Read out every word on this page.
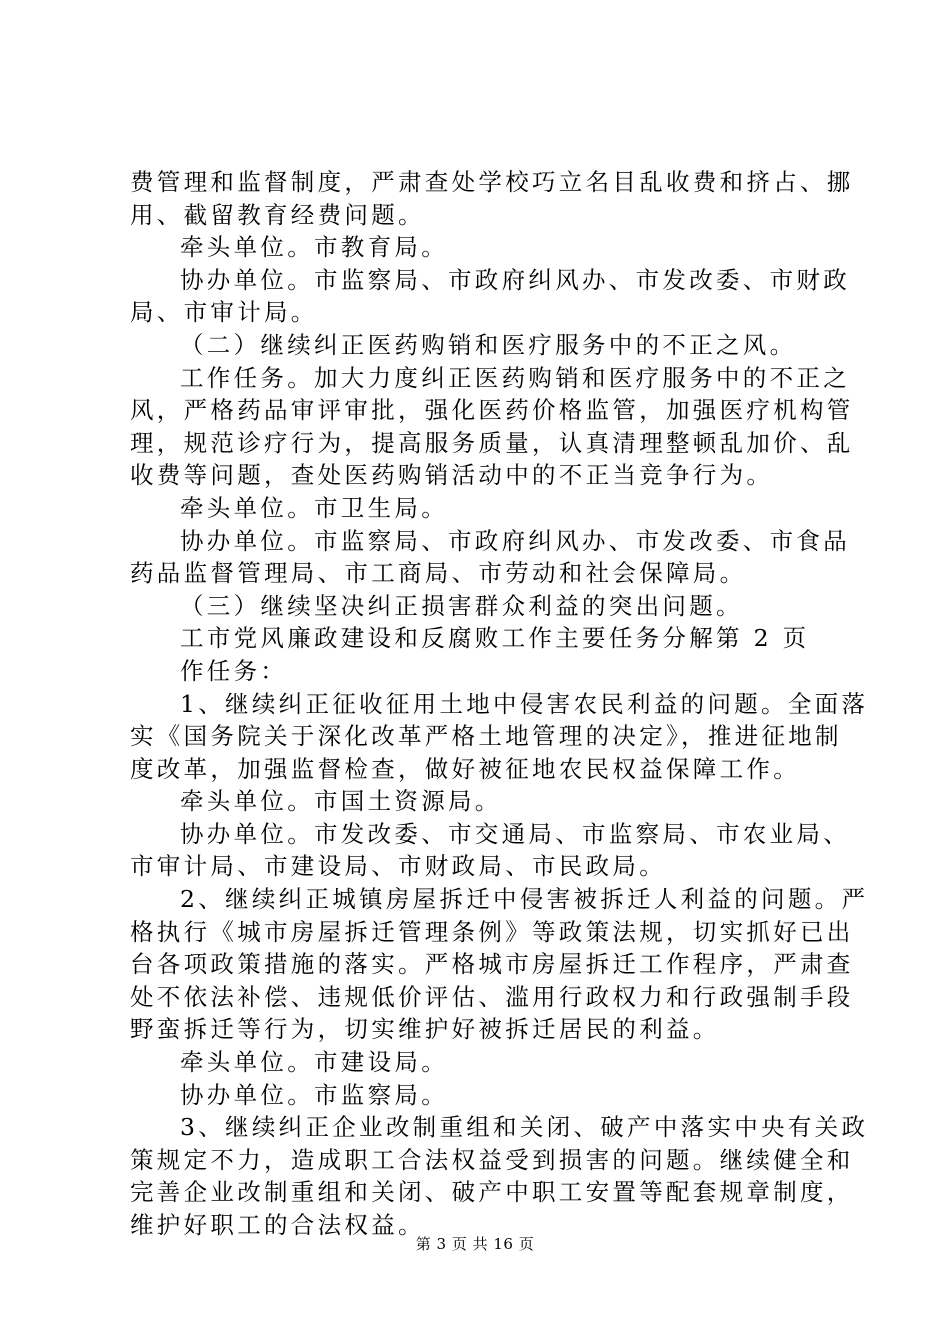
费管理和监督制度，严肃查处学校巧立名目乱收费和挤占、挪
用、截留教育经费问题。
牵头单位。市教育局。
协办单位。市监察局、市政府纠风办、市发改委、市财政
局、市审计局。
（二）继续纠正医药购销和医疗服务中的不正之风。
工作任务。加大力度纠正医药购销和医疗服务中的不正之
风，严格药品审评审批，强化医药价格监管，加强医疗机构管
理，规范诊疗行为，提高服务质量，认真清理整顿乱加价、乱
收费等问题，查处医药购销活动中的不正当竞争行为。
牵头单位。市卫生局。
协办单位。市监察局、市政府纠风办、市发改委、市食品
药品监督管理局、市工商局、市劳动和社会保障局。
（三）继续坚决纠正损害群众利益的突出问题。
工市党风廉政建设和反腐败工作主要任务分解第 2 页
作任务：
1、继续纠正征收征用土地中侵害农民利益的问题。全面落
实《国务院关于深化改革严格土地管理的决定》，推进征地制
度改革，加强监督检查，做好被征地农民权益保障工作。
牵头单位。市国土资源局。
协办单位。市发改委、市交通局、市监察局、市农业局、
市审计局、市建设局、市财政局、市民政局。
2、继续纠正城镇房屋拆迁中侵害被拆迁人利益的问题。严
格执行《城市房屋拆迁管理条例》等政策法规，切实抓好已出
台各项政策措施的落实。严格城市房屋拆迁工作程序，严肃查
处不依法补偿、违规低价评估、滥用行政权力和行政强制手段
野蛮拆迁等行为，切实维护好被拆迁居民的利益。
牵头单位。市建设局。
协办单位。市监察局。
3、继续纠正企业改制重组和关闭、破产中落实中央有关政
策规定不力，造成职工合法权益受到损害的问题。继续健全和
完善企业改制重组和关闭、破产中职工安置等配套规章制度，
维护好职工的合法权益。
第 3 页 共 16 页
